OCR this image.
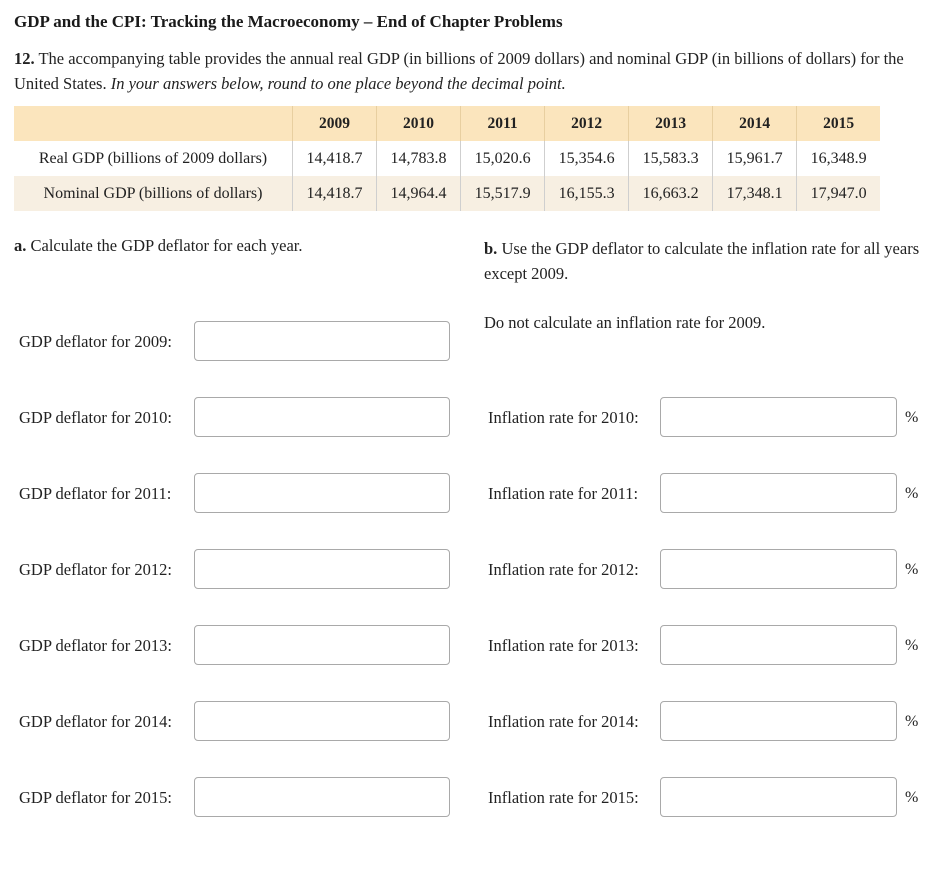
GDP and the CPI: Tracking the Macroeconomy – End of Chapter Problems
12. The accompanying table provides the annual real GDP (in billions of 2009 dollars) and nominal GDP (in billions of dollars) for the United States. In your answers below, round to one place beyond the decimal point.
	2009	2010	2011	2012	2013	2014	2015
Real GDP (billions of 2009 dollars)	14,418.7	14,783.8	15,020.6	15,354.6	15,583.3	15,961.7	16,348.9
Nominal GDP (billions of dollars)	14,418.7	14,964.4	15,517.9	16,155.3	16,663.2	17,348.1	17,947.0
a. Calculate the GDP deflator for each year.	b. Use the GDP deflator to calculate the inflation rate for all years except 2009.
Do not calculate an inflation rate for 2009.
GDP deflator for 2009:
GDP deflator for 2010:
GDP deflator for 2011:
GDP deflator for 2012:
GDP deflator for 2013:
GDP deflator for 2014:
GDP deflator for 2015:
Inflation rate for 2010:	%
Inflation rate for 2011:	%
Inflation rate for 2012:	%
Inflation rate for 2013:	%
Inflation rate for 2014:	%
Inflation rate for 2015:	%
